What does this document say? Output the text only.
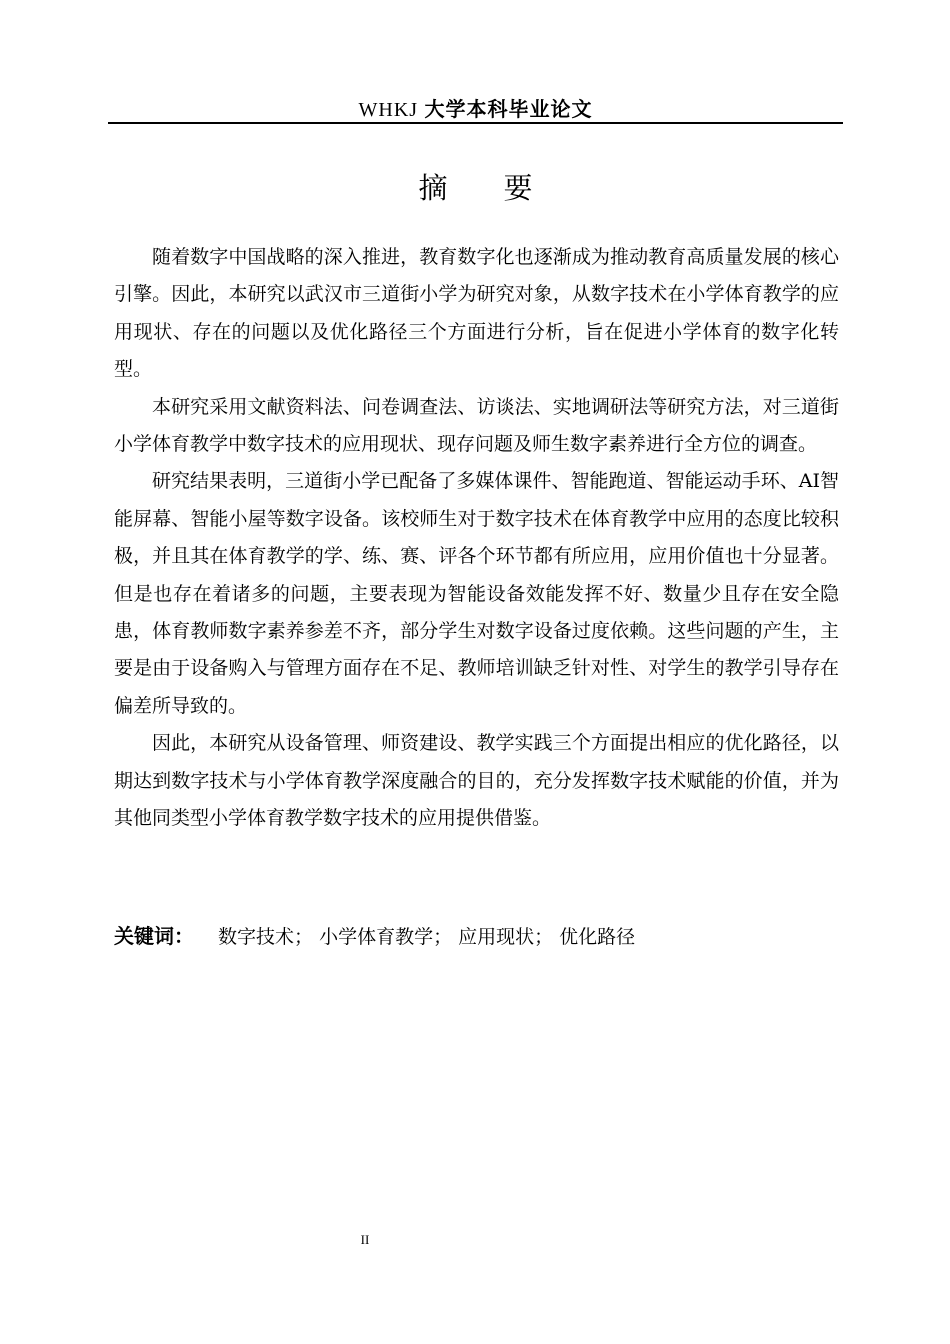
WHKJ 大学本科毕业论文
摘要

随着数字中国战略的深入推进，教育数字化也逐渐成为推动教育高质量发展的核心引擎。因此，本研究以武汉市三道街小学为研究对象，从数字技术在小学体育教学的应用现状、存在的问题以及优化路径三个方面进行分析，旨在促进小学体育的数字化转型。

本研究采用文献资料法、问卷调查法、访谈法、实地调研法等研究方法，对三道街小学体育教学中数字技术的应用现状、现存问题及师生数字素养进行全方位的调查。

研究结果表明，三道街小学已配备了多媒体课件、智能跑道、智能运动手环、AI智能屏幕、智能小屋等数字设备。该校师生对于数字技术在体育教学中应用的态度比较积极，并且其在体育教学的学、练、赛、评各个环节都有所应用，应用价值也十分显著。但是也存在着诸多的问题，主要表现为智能设备效能发挥不好、数量少且存在安全隐患，体育教师数字素养参差不齐，部分学生对数字设备过度依赖。这些问题的产生，主要是由于设备购入与管理方面存在不足、教师培训缺乏针对性、对学生的教学引导存在偏差所导致的。

因此，本研究从设备管理、师资建设、教学实践三个方面提出相应的优化路径，以期达到数字技术与小学体育教学深度融合的目的，充分发挥数字技术赋能的价值，并为其他同类型小学体育教学数字技术的应用提供借鉴。

关键词： 数字技术； 小学体育教学； 应用现状； 优化路径
II
